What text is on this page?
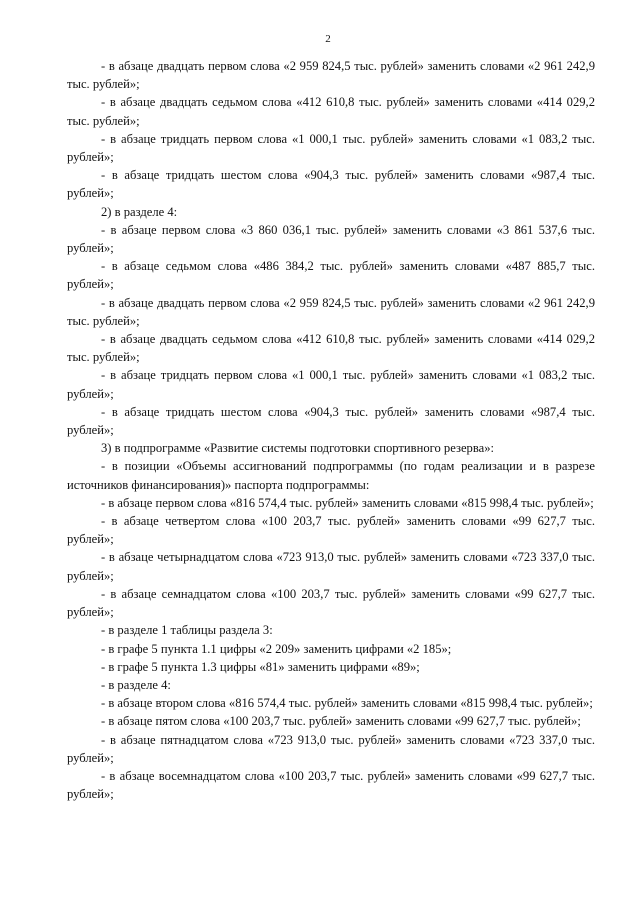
2

- в абзаце двадцать первом слова «2 959 824,5 тыс. рублей» заменить словами «2 961 242,9 тыс. рублей»;

- в абзаце двадцать седьмом слова «412 610,8 тыс. рублей» заменить словами «414 029,2 тыс. рублей»;

- в абзаце тридцать первом слова «1 000,1 тыс. рублей» заменить словами «1 083,2 тыс. рублей»;

- в абзаце тридцать шестом слова «904,3 тыс. рублей» заменить словами «987,4 тыс. рублей»;

2) в разделе 4:

- в абзаце первом слова «3 860 036,1 тыс. рублей» заменить словами «3 861 537,6 тыс. рублей»;

- в абзаце седьмом слова «486 384,2 тыс. рублей» заменить словами «487 885,7 тыс. рублей»;

- в абзаце двадцать первом слова «2 959 824,5 тыс. рублей» заменить словами «2 961 242,9 тыс. рублей»;

- в абзаце двадцать седьмом слова «412 610,8 тыс. рублей» заменить словами «414 029,2 тыс. рублей»;

- в абзаце тридцать первом слова «1 000,1 тыс. рублей» заменить словами «1 083,2 тыс. рублей»;

- в абзаце тридцать шестом слова «904,3 тыс. рублей» заменить словами «987,4 тыс. рублей»;

3) в подпрограмме «Развитие системы подготовки спортивного резерва»:

- в позиции «Объемы ассигнований подпрограммы (по годам реализации и в разрезе источников финансирования)» паспорта подпрограммы:

- в абзаце первом слова «816 574,4 тыс. рублей» заменить словами «815 998,4 тыс. рублей»;

- в абзаце четвертом слова «100 203,7 тыс. рублей» заменить словами «99 627,7 тыс. рублей»;

- в абзаце четырнадцатом слова «723 913,0 тыс. рублей» заменить словами «723 337,0 тыс. рублей»;

- в абзаце семнадцатом слова «100 203,7 тыс. рублей» заменить словами «99 627,7 тыс. рублей»;

- в разделе 1 таблицы раздела 3:

- в графе 5 пункта 1.1 цифры «2 209» заменить цифрами «2 185»;

- в графе 5 пункта 1.3 цифры «81» заменить цифрами «89»;

- в разделе 4:

- в абзаце втором слова «816 574,4 тыс. рублей» заменить словами «815 998,4 тыс. рублей»;

- в абзаце пятом слова «100 203,7 тыс. рублей» заменить словами «99 627,7 тыс. рублей»;

- в абзаце пятнадцатом слова «723 913,0 тыс. рублей» заменить словами «723 337,0 тыс. рублей»;

- в абзаце восемнадцатом слова «100 203,7 тыс. рублей» заменить словами «99 627,7 тыс. рублей»;
